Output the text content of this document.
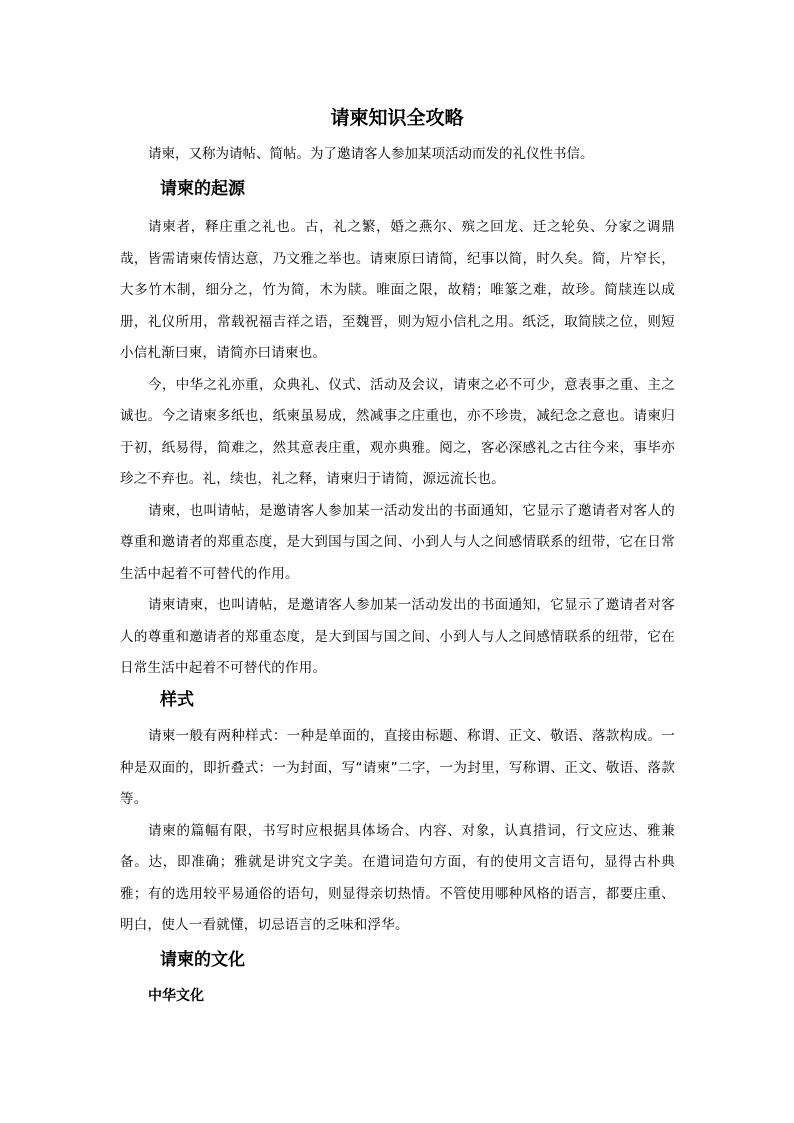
请柬知识全攻略

请柬，又称为请帖、简帖。为了邀请客人参加某项活动而发的礼仪性书信。

请柬的起源

请柬者，释庄重之礼也。古，礼之繁，婚之燕尔、殡之回龙、迁之轮奂、分家之调鼎哉，皆需请柬传情达意，乃文雅之举也。请柬原曰请简，纪事以简，时久矣。简，片窄长，大多竹木制，细分之，竹为简，木为牍。唯面之限，故精；唯篆之难，故珍。简牍连以成册，礼仪所用，常载祝福吉祥之语，至魏晋，则为短小信札之用。纸泛，取简牍之位，则短小信札渐曰柬，请简亦曰请柬也。

今，中华之礼亦重，众典礼、仪式、活动及会议，请柬之必不可少，意表事之重、主之诚也。今之请柬多纸也，纸柬虽易成，然减事之庄重也，亦不珍贵，减纪念之意也。请柬归于初，纸易得，简难之，然其意表庄重，观亦典雅。阅之，客必深感礼之古往今来，事毕亦珍之不弃也。礼，续也，礼之释，请柬归于请简，源远流长也。

请柬，也叫请帖，是邀请客人参加某一活动发出的书面通知，它显示了邀请者对客人的尊重和邀请者的郑重态度，是大到国与国之间、小到人与人之间感情联系的纽带，它在日常生活中起着不可替代的作用。

请柬请柬，也叫请帖，是邀请客人参加某一活动发出的书面通知，它显示了邀请者对客人的尊重和邀请者的郑重态度，是大到国与国之间、小到人与人之间感情联系的纽带，它在日常生活中起着不可替代的作用。

样式

请柬一般有两种样式：一种是单面的，直接由标题、称谓、正文、敬语、落款构成。一种是双面的，即折叠式：一为封面，写“请柬”二字，一为封里，写称谓、正文、敬语、落款等。

请柬的篇幅有限，书写时应根据具体场合、内容、对象，认真措词，行文应达、雅兼备。达，即准确；雅就是讲究文字美。在遣词造句方面，有的使用文言语句，显得古朴典雅；有的选用较平易通俗的语句，则显得亲切热情。不管使用哪种风格的语言，都要庄重、明白，使人一看就懂，切忌语言的乏味和浮华。

请柬的文化
中华文化
